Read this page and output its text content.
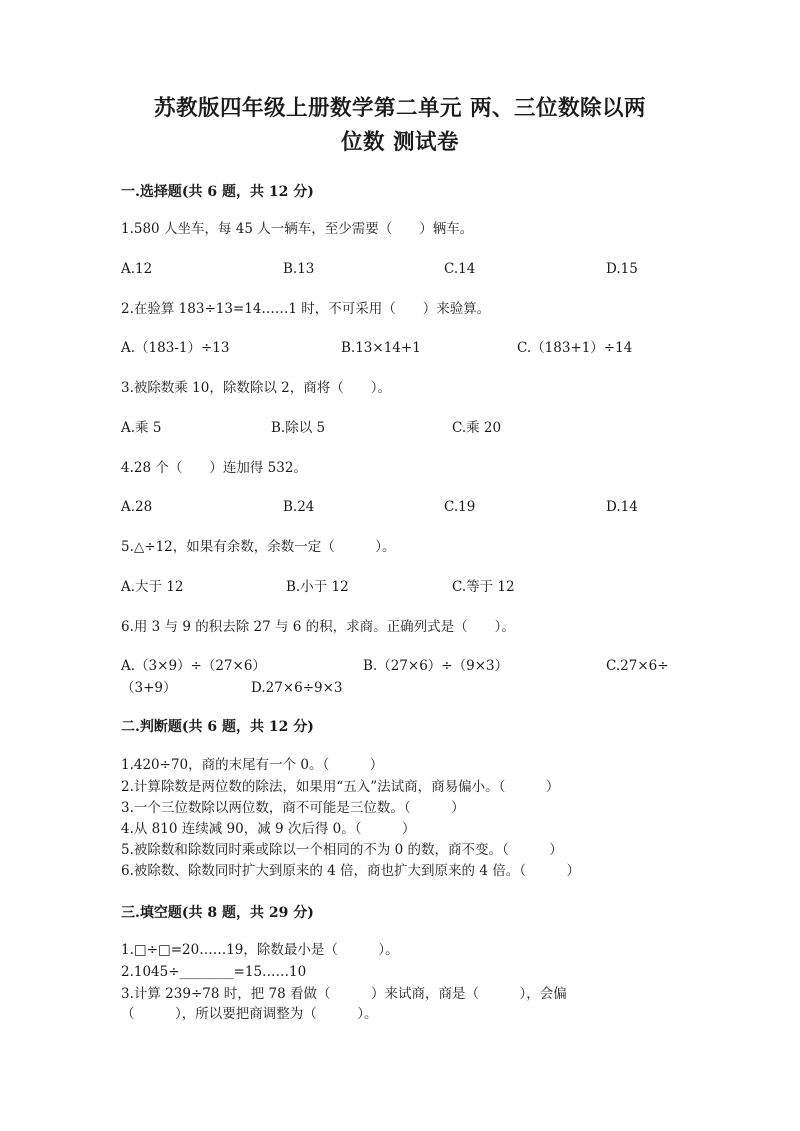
苏教版四年级上册数学第二单元 两、三位数除以两
位数 测试卷
一.选择题(共 6 题，共 12 分)
1.580 人坐车，每 45 人一辆车，至少需要（　　）辆车。
A.12	B.13	C.14	D.15
2.在验算 183÷13=14……1 时，不可采用（　　）来验算。
A.（183-1）÷13	B.13×14+1	C.（183+1）÷14
3.被除数乘 10，除数除以 2，商将（　　）。
A.乘 5	B.除以 5	C.乘 20
4.28 个（　　）连加得 532。
A.28	B.24	C.19	D.14
5.△÷12，如果有余数，余数一定（　　　）。
A.大于 12	B.小于 12	C.等于 12
6.用 3 与 9 的积去除 27 与 6 的积，求商。正确列式是（　　）。
A.（3×9）÷（27×6）	B.（27×6）÷（9×3）	C.27×6÷
（3+9）	D.27×6÷9×3
二.判断题(共 6 题，共 12 分)
1.420÷70，商的末尾有一个 0。（　　　）
2.计算除数是两位数的除法，如果用“五入”法试商，商易偏小。（　　　）
3.一个三位数除以两位数，商不可能是三位数。（　　　）
4.从 810 连续减 90，减 9 次后得 0。（　　　）
5.被除数和除数同时乘或除以一个相同的不为 0 的数，商不变。（　　　）
6.被除数、除数同时扩大到原来的 4 倍，商也扩大到原来的 4 倍。（　　　）
三.填空题(共 8 题，共 29 分)
1.□÷□=20……19，除数最小是（　　　）。
2.1045÷________=15……10
3.计算 239÷78 时，把 78 看做（　　　）来试商，商是（　　　），会偏
（　　　），所以要把商调整为（　　　）。
